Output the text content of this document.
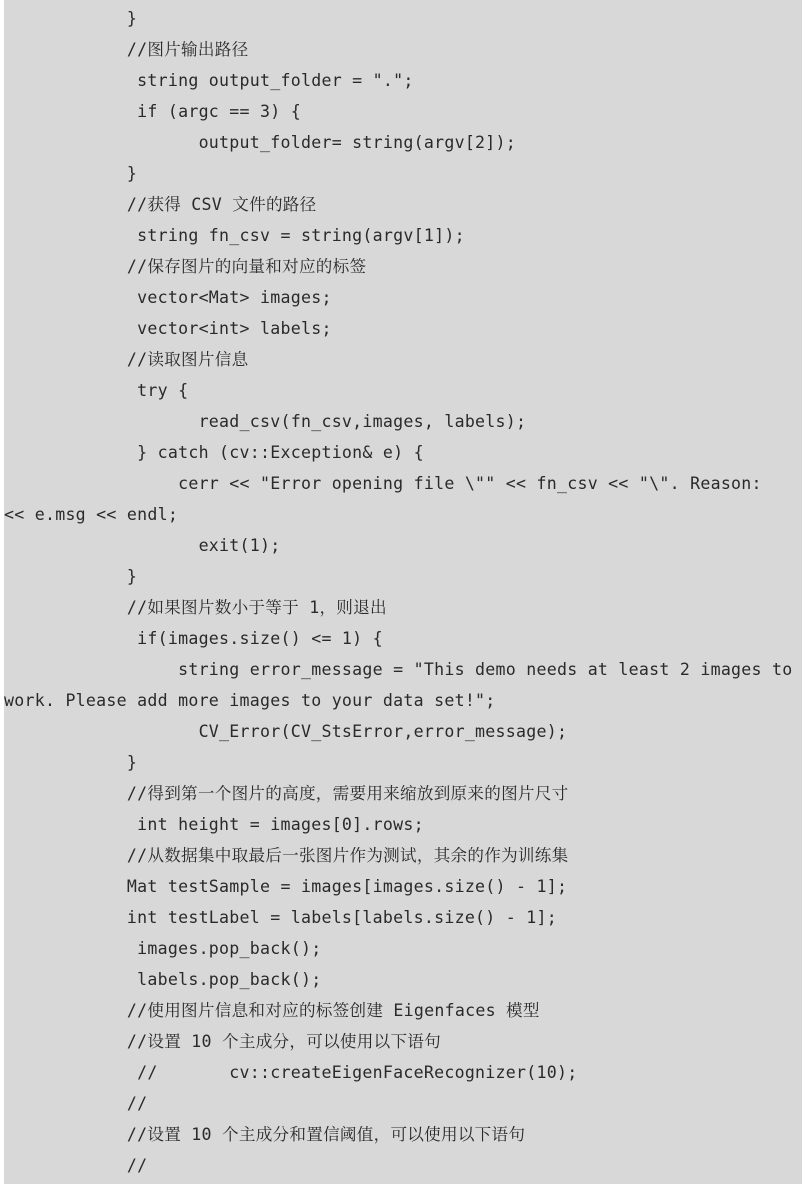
}
//图片输出路径
string output_folder = ".";
if (argc == 3) {
output_folder= string(argv[2]);
}
//获得 CSV 文件的路径
string fn_csv = string(argv[1]);
//保存图片的向量和对应的标签
vector<Mat> images;
vector<int> labels;
//读取图片信息
try {
read_csv(fn_csv,images, labels);
} catch (cv::Exception& e) {
cerr << "Error opening file \"" << fn_csv << "\". Reason:
<< e.msg << endl;
exit(1);
}
//如果图片数小于等于 1，则退出
if(images.size() <= 1) {
string error_message = "This demo needs at least 2 images to
work. Please add more images to your data set!";
CV_Error(CV_StsError,error_message);
}
//得到第一个图片的高度，需要用来缩放到原来的图片尺寸
int height = images[0].rows;
//从数据集中取最后一张图片作为测试，其余的作为训练集
Mat testSample = images[images.size() - 1];
int testLabel = labels[labels.size() - 1];
images.pop_back();
labels.pop_back();
//使用图片信息和对应的标签创建 Eigenfaces 模型
//设置 10 个主成分，可以使用以下语句
//       cv::createEigenFaceRecognizer(10);
//
//设置 10 个主成分和置信阈值，可以使用以下语句
//
